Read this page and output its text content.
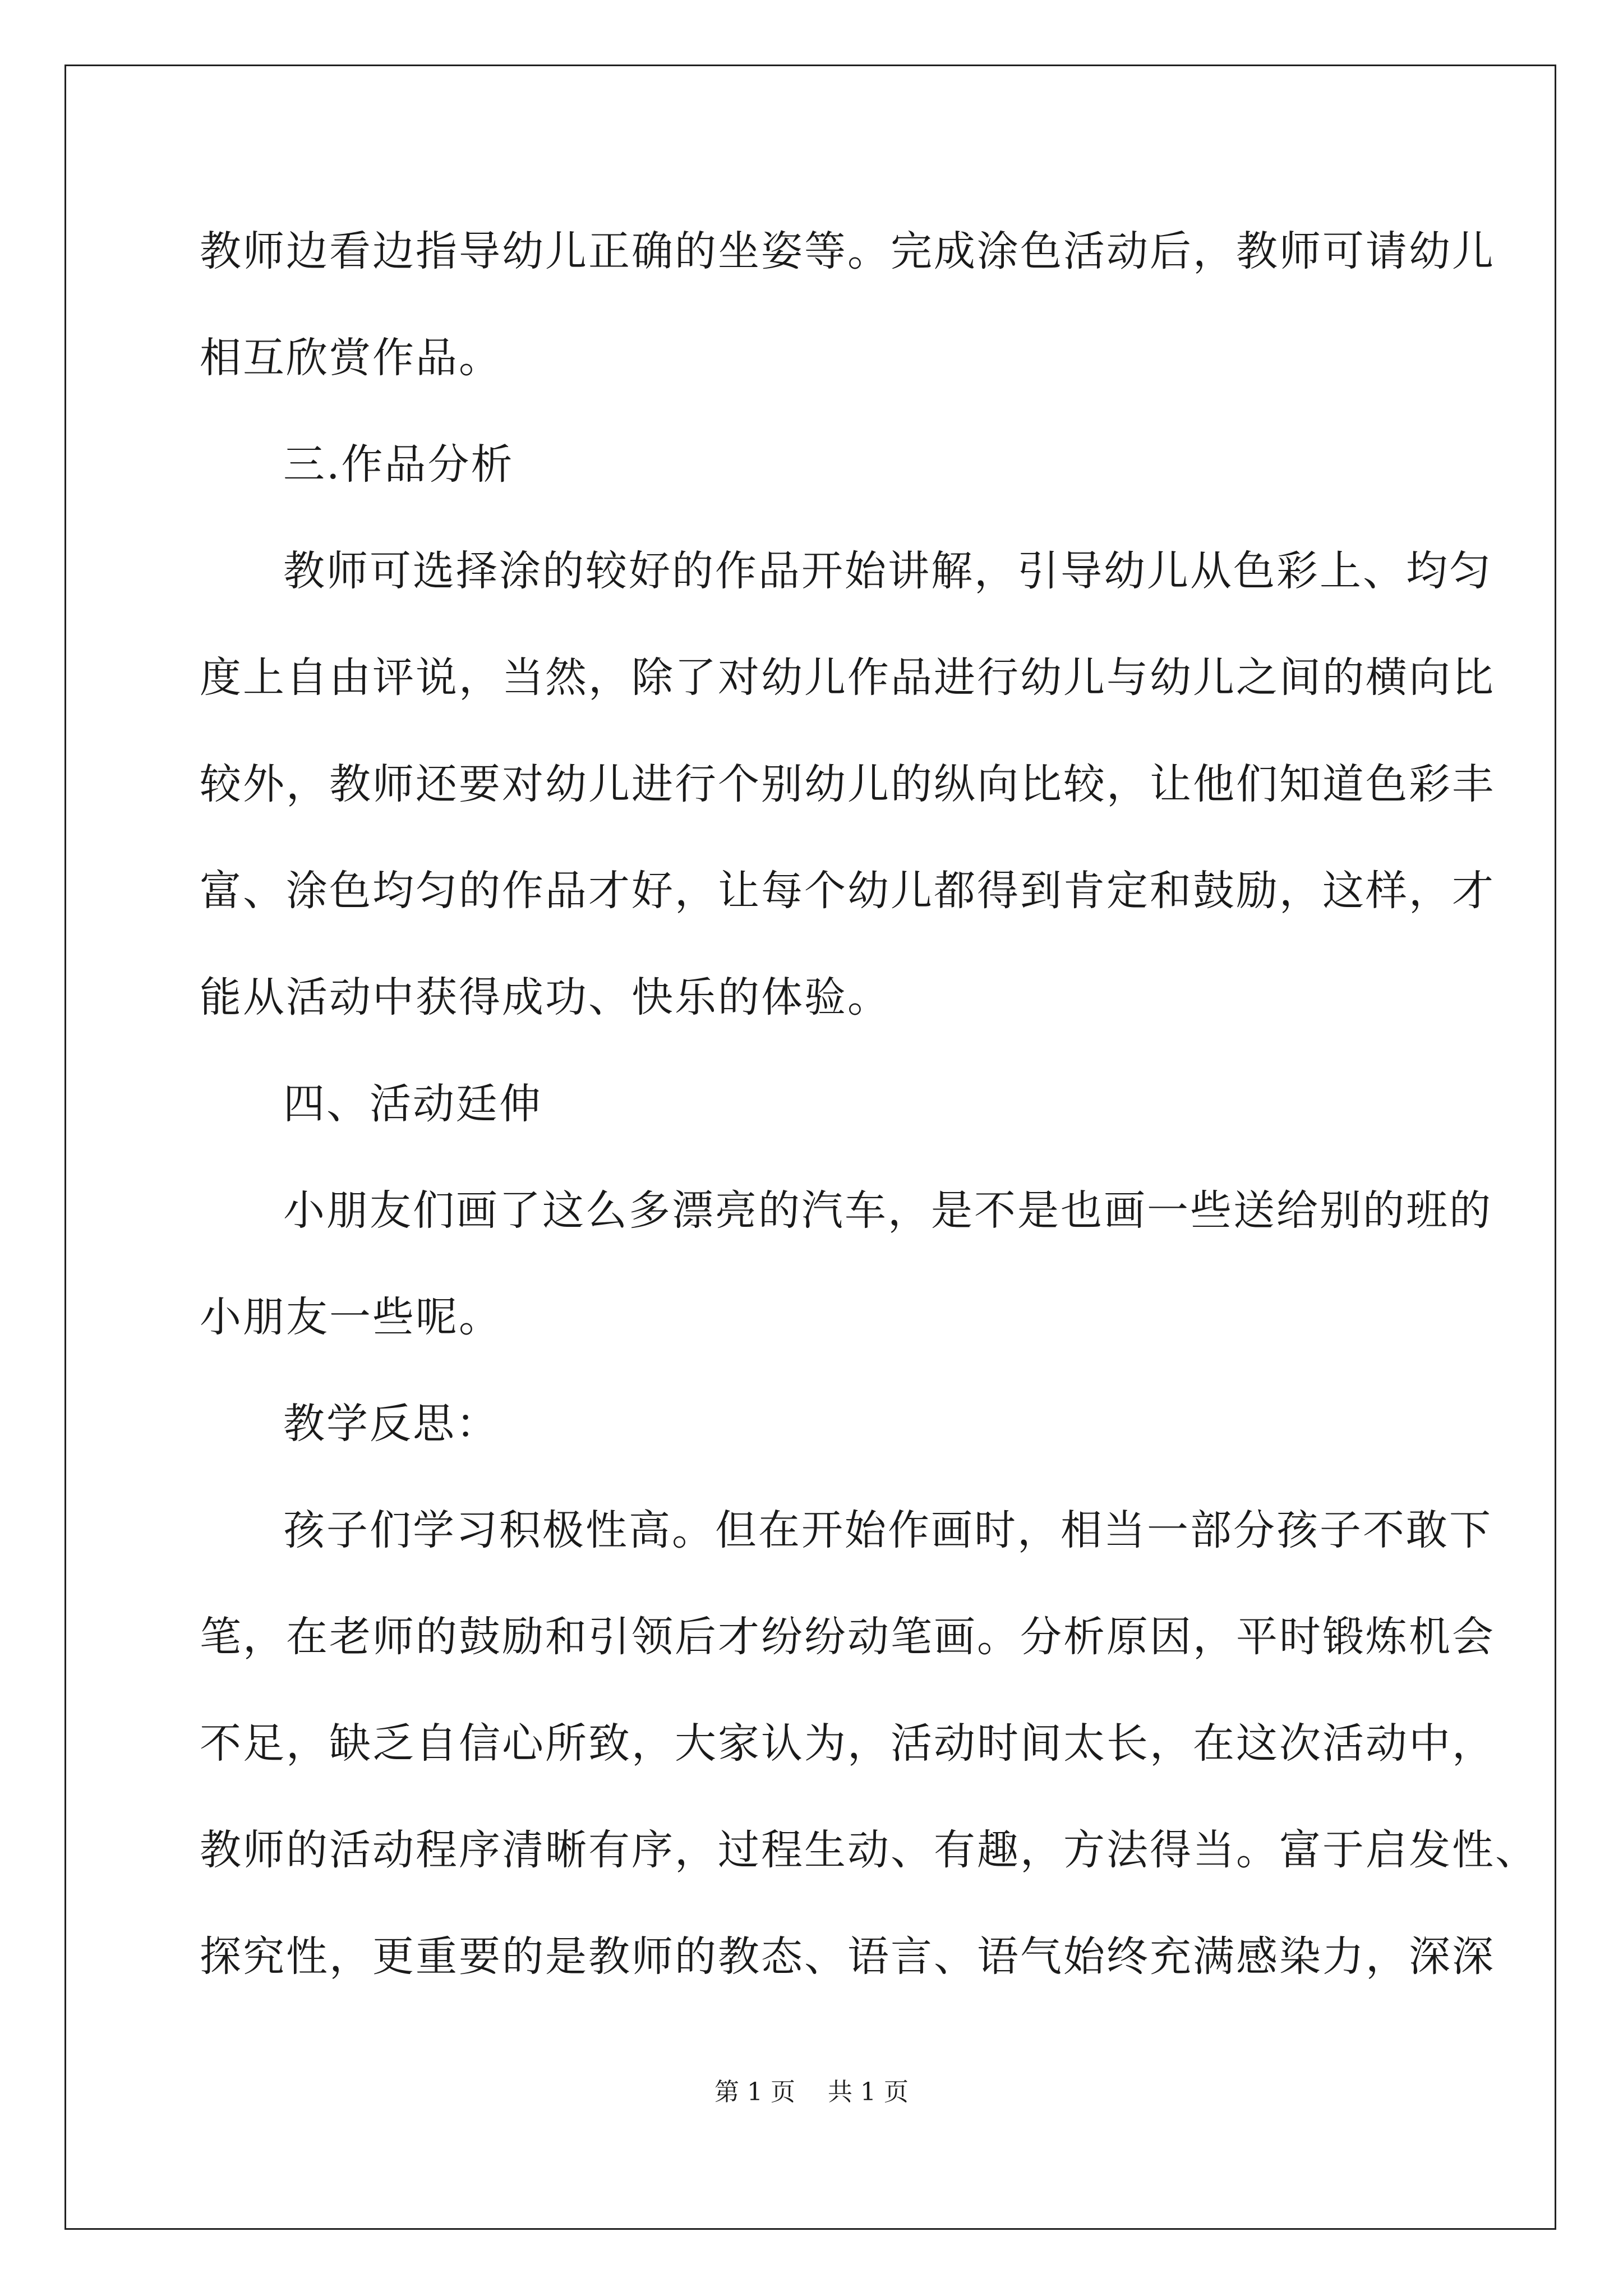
教师边看边指导幼儿正确的坐姿等。完成涂色活动后，教师可请幼儿
相互欣赏作品。
三.作品分析
教师可选择涂的较好的作品开始讲解，引导幼儿从色彩上、均匀
度上自由评说，当然，除了对幼儿作品进行幼儿与幼儿之间的横向比
较外，教师还要对幼儿进行个别幼儿的纵向比较，让他们知道色彩丰
富、涂色均匀的作品才好，让每个幼儿都得到肯定和鼓励，这样，才
能从活动中获得成功、快乐的体验。
四、活动廷伸
小朋友们画了这么多漂亮的汽车，是不是也画一些送给别的班的
小朋友一些呢。
教学反思：
孩子们学习积极性高。但在开始作画时，相当一部分孩子不敢下
笔，在老师的鼓励和引领后才纷纷动笔画。分析原因，平时锻炼机会
不足，缺乏自信心所致，大家认为，活动时间太长，在这次活动中，
教师的活动程序清晰有序，过程生动、有趣，方法得当。富于启发性、
探究性，更重要的是教师的教态、语言、语气始终充满感染力，深深
第 1 页　 共 1 页
